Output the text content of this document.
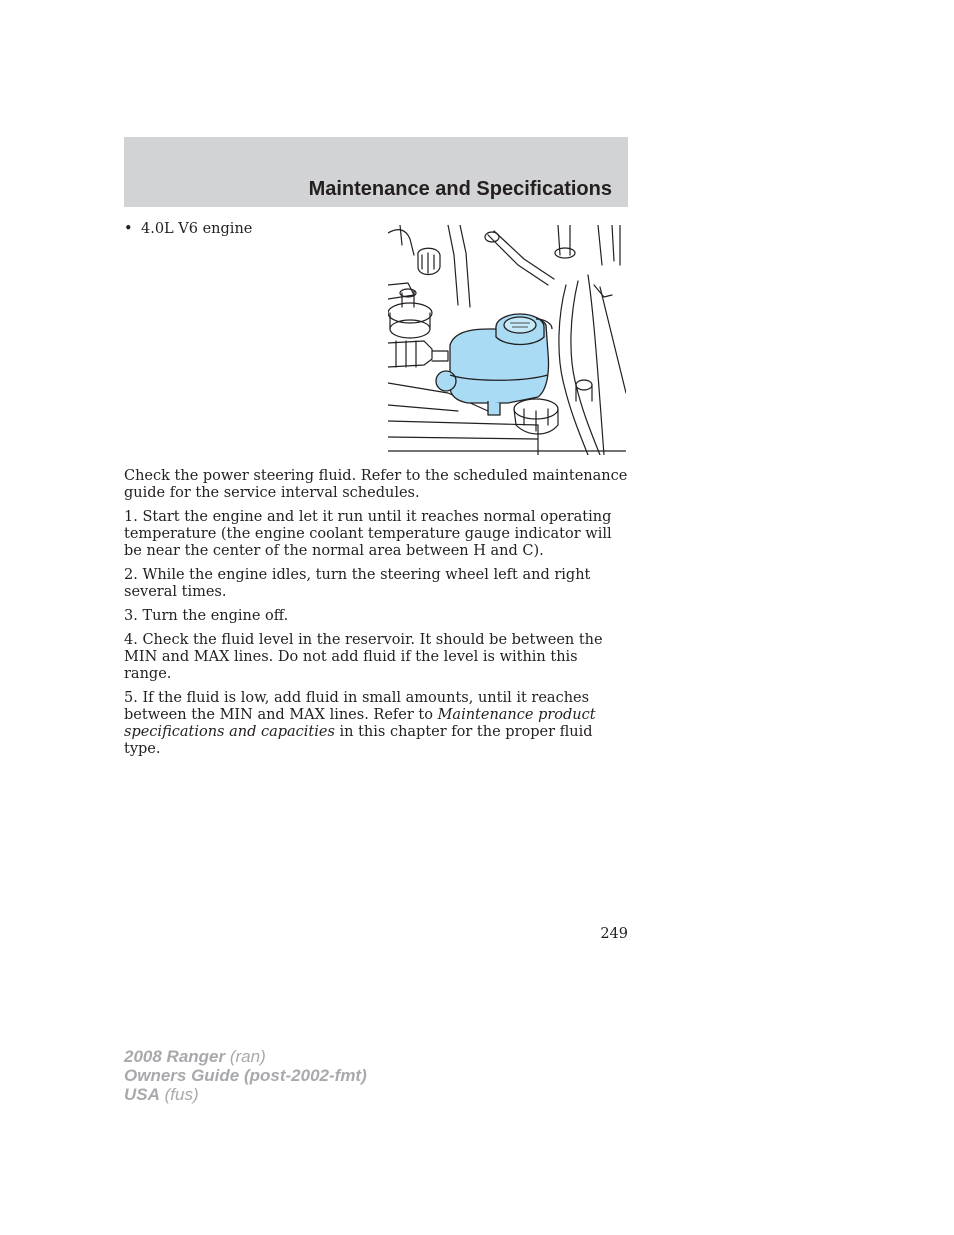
Maintenance and Specifications
• 4.0L V6 engine

Check the power steering fluid. Refer to the scheduled maintenance guide for the service interval schedules.

1. Start the engine and let it run until it reaches normal operating temperature (the engine coolant temperature gauge indicator will be near the center of the normal area between H and C).

2. While the engine idles, turn the steering wheel left and right several times.

3. Turn the engine off.

4. Check the fluid level in the reservoir. It should be between the MIN and MAX lines. Do not add fluid if the level is within this range.

5. If the fluid is low, add fluid in small amounts, until it reaches between the MIN and MAX lines. Refer to Maintenance product specifications and capacities in this chapter for the proper fluid type.

249
2008 Ranger (ran)
Owners Guide (post-2002-fmt)
USA (fus)
